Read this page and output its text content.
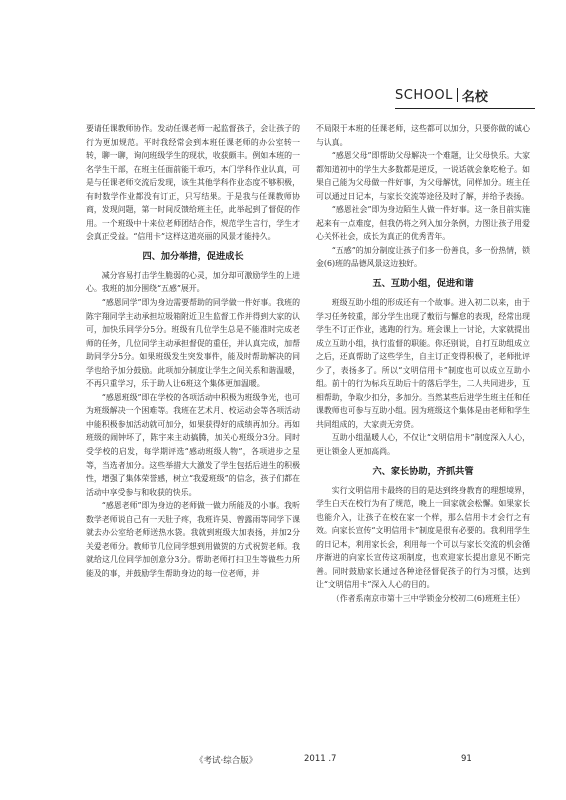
SCHOOL 名校

要请任课教师协作。发动任课老师一起监督孩子，会让孩子的行为更加规范。平时我经常会到本班任课老师的办公室转一转，聊一聊，询问班级学生的现状，收获颇丰。例如本班的一名学生干部，在班主任面前能干乖巧，本门学科作业认真，可是与任课老师交流后发现，该生其他学科作业态度不够积极，有时数学作业都没有订正，只写结果。于是我与任课教师协商，发现问题，第一时间反馈给班主任，此举起到了督促的作用。一个班级中十来位老师团结合作，规范学生言行，学生才会真正受益。“信用卡”这样这道亮丽的风景才能持久。

四、加分举措，促进成长

减分容易打击学生脆弱的心灵，加分却可激励学生的上进心。我班的加分围绕“五感”展开。

“感恩同学”即为身边需要帮助的同学做一件好事。我班的陈宇翔同学主动承担垃圾箱附近卫生监督工作并得到大家的认可，加快乐同学分5分。班级有几位学生总是不能准时完成老师的任务，几位同学主动承担督促的重任，并认真完成，加帮助同学分5分。如果班级发生突发事件，能及时帮助解决的同学也给予加分鼓励。此项加分制度让学生之间关系和谐温暖，不再只重学习，乐于助人让6班这个集体更加温暖。

“感恩班级”即在学校的各项活动中积极为班级争光，也可为班级解决一个困难等。我班在艺术月、校运动会等各项活动中能积极参加活动就可加分，如果获得好的成绩再加分。再如班级的闹钟坏了，陈宇来主动搞腾，加关心班级分3分。同时受学校的启发，每学期评选“感动班级人物”，各项进步之星等，当选者加分。这些举措大大激发了学生包括后进生的积极性，增强了集体荣誉感，树立“我爱班级”的信念，孩子们都在活动中享受参与和收获的快乐。

“感恩老师”即为身边的老师做一做力所能及的小事。我听数学老师说自己有一天肚子疼，我班许昊、曾露雨等同学下课就去办公室给老师送热水袋。我就到班级大加表扬，并加2分关爱老师分。教师节几位同学想到用做贺的方式祝贺老师。我就给这几位同学加创意分3分。帮助老师打扫卫生等做些力所能及的事，并鼓励学生帮助身边的每一位老师，并

不局限于本班的任课老师，这些都可以加分，只要你做的诚心与认真。

“感恩父母”即帮助父母解决一个难题，让父母快乐。大家都知道初中的学生大多数都是逆反，一说话就会象吃枪子。如果自己能为父母做一件好事，为父母解忧，同样加分。班主任可以通过日记本，与家长交流等途径及时了解，并给予表扬。

“感恩社会”即为身边陌生人做一件好事。这一条目前实施起来有一点难度，但我仍将之列入加分条例，力图让孩子用爱心关怀社会，成长为真正的优秀青年。

“五感”的加分制度让孩子们多一份善良，多一份热情，锁金(6)班的品德风景这边独好。

五、互助小组，促进和谐

班级互助小组的形成还有一个故事。进入初二以来，由于学习任务较重，部分学生出现了敷衍与懈怠的表现，经常出现学生不订正作业，逃跑的行为。班会课上一讨论，大家就提出成立互助小组，执行监督的职能。你还别说，自打互助组成立之后，还真帮助了这些学生，自主订正变得积极了，老师批评少了，表扬多了。所以“文明信用卡”制度也可以成立互助小组。前十的行为标兵互助后十的落后学生，二人共同进步，互相帮助，争取少扣分，多加分。当然某些后进学生班主任和任课教师也可参与互助小组。因为班级这个集体是由老师和学生共同组成的，大家责无旁贷。

互助小组温暖人心，不仅让“文明信用卡”制度深入人心，更让锁金人更加高尚。

六、家长协助，齐抓共管

实行文明信用卡最终的目的是达到终身教育的理想境界，学生白天在校行为有了规范，晚上一回家就会松懈。如果家长也能介入，让孩子在校在家一个样，那么信用卡才会行之有效。向家长宣传“文明信用卡”制度是很有必要的。我利用学生的日记本，利用家长会，利用每一个可以与家长交流的机会循序渐进的向家长宣传这项制度，也欢迎家长提出意见不断完善。同时鼓励家长通过各种途径督促孩子的行为习惯，达到让“文明信用卡”深入人心的目的。

（作者系南京市第十三中学锁金分校初二(6)班班主任）

《考试·综合版》	2011 .7	91
